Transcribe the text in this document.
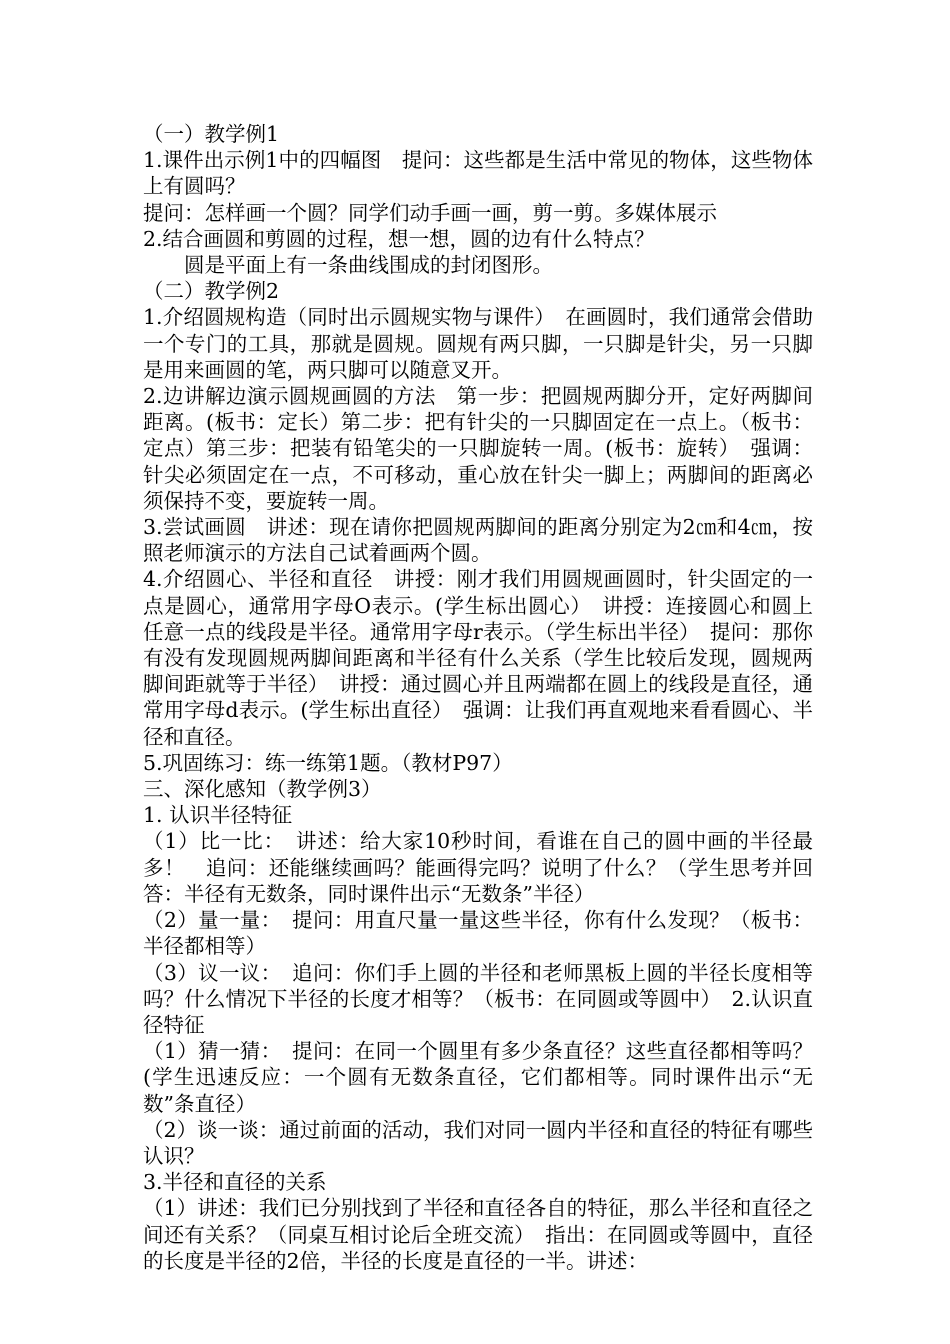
（一）教学例1

1.课件出示例1中的四幅图　提问：这些都是生活中常见的物体，这些物体上有圆吗？

提问：怎样画一个圆？同学们动手画一画，剪一剪。多媒体展示

2.结合画圆和剪圆的过程，想一想，圆的边有什么特点？

　　圆是平面上有一条曲线围成的封闭图形。

（二）教学例2

1.介绍圆规构造（同时出示圆规实物与课件）　在画圆时，我们通常会借助一个专门的工具，那就是圆规。圆规有两只脚，一只脚是针尖，另一只脚是用来画圆的笔，两只脚可以随意叉开。

2.边讲解边演示圆规画圆的方法　第一步：把圆规两脚分开，定好两脚间距离。(板书：定长）第二步：把有针尖的一只脚固定在一点上。（板书：定点）第三步：把装有铅笔尖的一只脚旋转一周。(板书：旋转）　强调：针尖必须固定在一点，不可移动，重心放在针尖一脚上；两脚间的距离必须保持不变，要旋转一周。

3.尝试画圆　讲述：现在请你把圆规两脚间的距离分别定为2㎝和4㎝，按照老师演示的方法自己试着画两个圆。

4.介绍圆心、半径和直径　讲授：刚才我们用圆规画圆时，针尖固定的一点是圆心，通常用字母O表示。(学生标出圆心）　讲授：连接圆心和圆上任意一点的线段是半径。通常用字母r表示。（学生标出半径）　提问：那你有没有发现圆规两脚间距离和半径有什么关系（学生比较后发现，圆规两脚间距就等于半径）　讲授：通过圆心并且两端都在圆上的线段是直径，通常用字母d表示。(学生标出直径）　强调：让我们再直观地来看看圆心、半径和直径。

5.巩固练习：练一练第1题。（教材P97）

三、深化感知（教学例3）

1. 认识半径特征

（1）比一比：　讲述：给大家10秒时间，看谁在自己的圆中画的半径最多！　追问：还能继续画吗？能画得完吗？说明了什么？（学生思考并回答：半径有无数条，同时课件出示“无数条”半径）

（2）量一量：　提问：用直尺量一量这些半径，你有什么发现？（板书：半径都相等）

（3）议一议：　追问：你们手上圆的半径和老师黑板上圆的半径长度相等吗？什么情况下半径的长度才相等？（板书：在同圆或等圆中）　2.认识直径特征

（1）猜一猜：　提问：在同一个圆里有多少条直径？这些直径都相等吗？(学生迅速反应：一个圆有无数条直径，它们都相等。同时课件出示“无数”条直径）

（2）谈一谈：通过前面的活动，我们对同一圆内半径和直径的特征有哪些认识？

3.半径和直径的关系

（1）讲述：我们已分别找到了半径和直径各自的特征，那么半径和直径之间还有关系？（同桌互相讨论后全班交流）　指出：在同圆或等圆中，直径的长度是半径的2倍，半径的长度是直径的一半。讲述：
